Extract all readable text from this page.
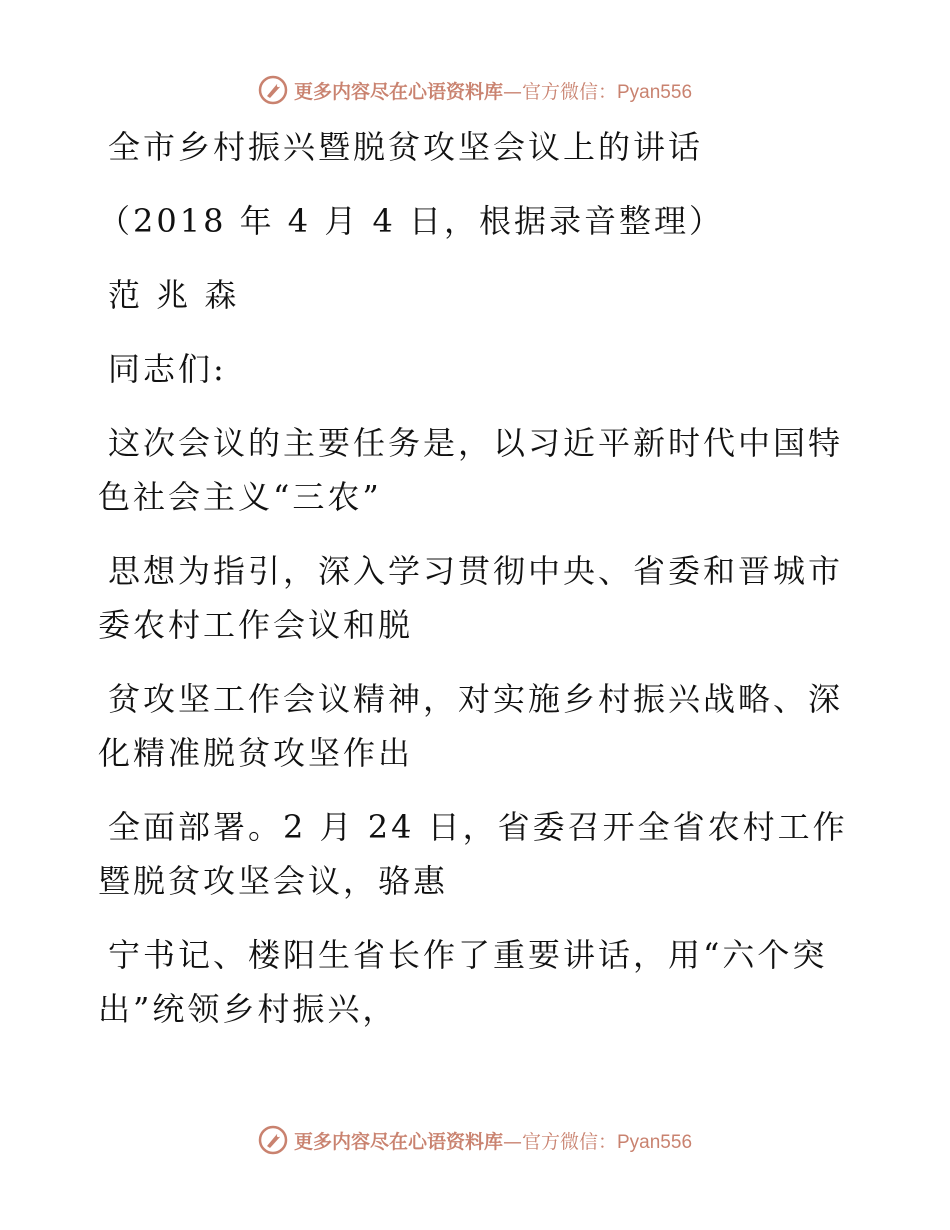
更多内容尽在心语资料库—官方微信：Pyan556
全市乡村振兴暨脱贫攻坚会议上的讲话
（2018 年 4 月 4 日，根据录音整理）
范 兆 森
同志们:
这次会议的主要任务是，以习近平新时代中国特
色社会主义“三农”
思想为指引，深入学习贯彻中央、省委和晋城市
委农村工作会议和脱
贫攻坚工作会议精神，对实施乡村振兴战略、深
化精准脱贫攻坚作出
全面部署。2 月 24 日，省委召开全省农村工作
暨脱贫攻坚会议，骆惠
宁书记、楼阳生省长作了重要讲话，用“六个突
出”统领乡村振兴，
更多内容尽在心语资料库—官方微信：Pyan556
